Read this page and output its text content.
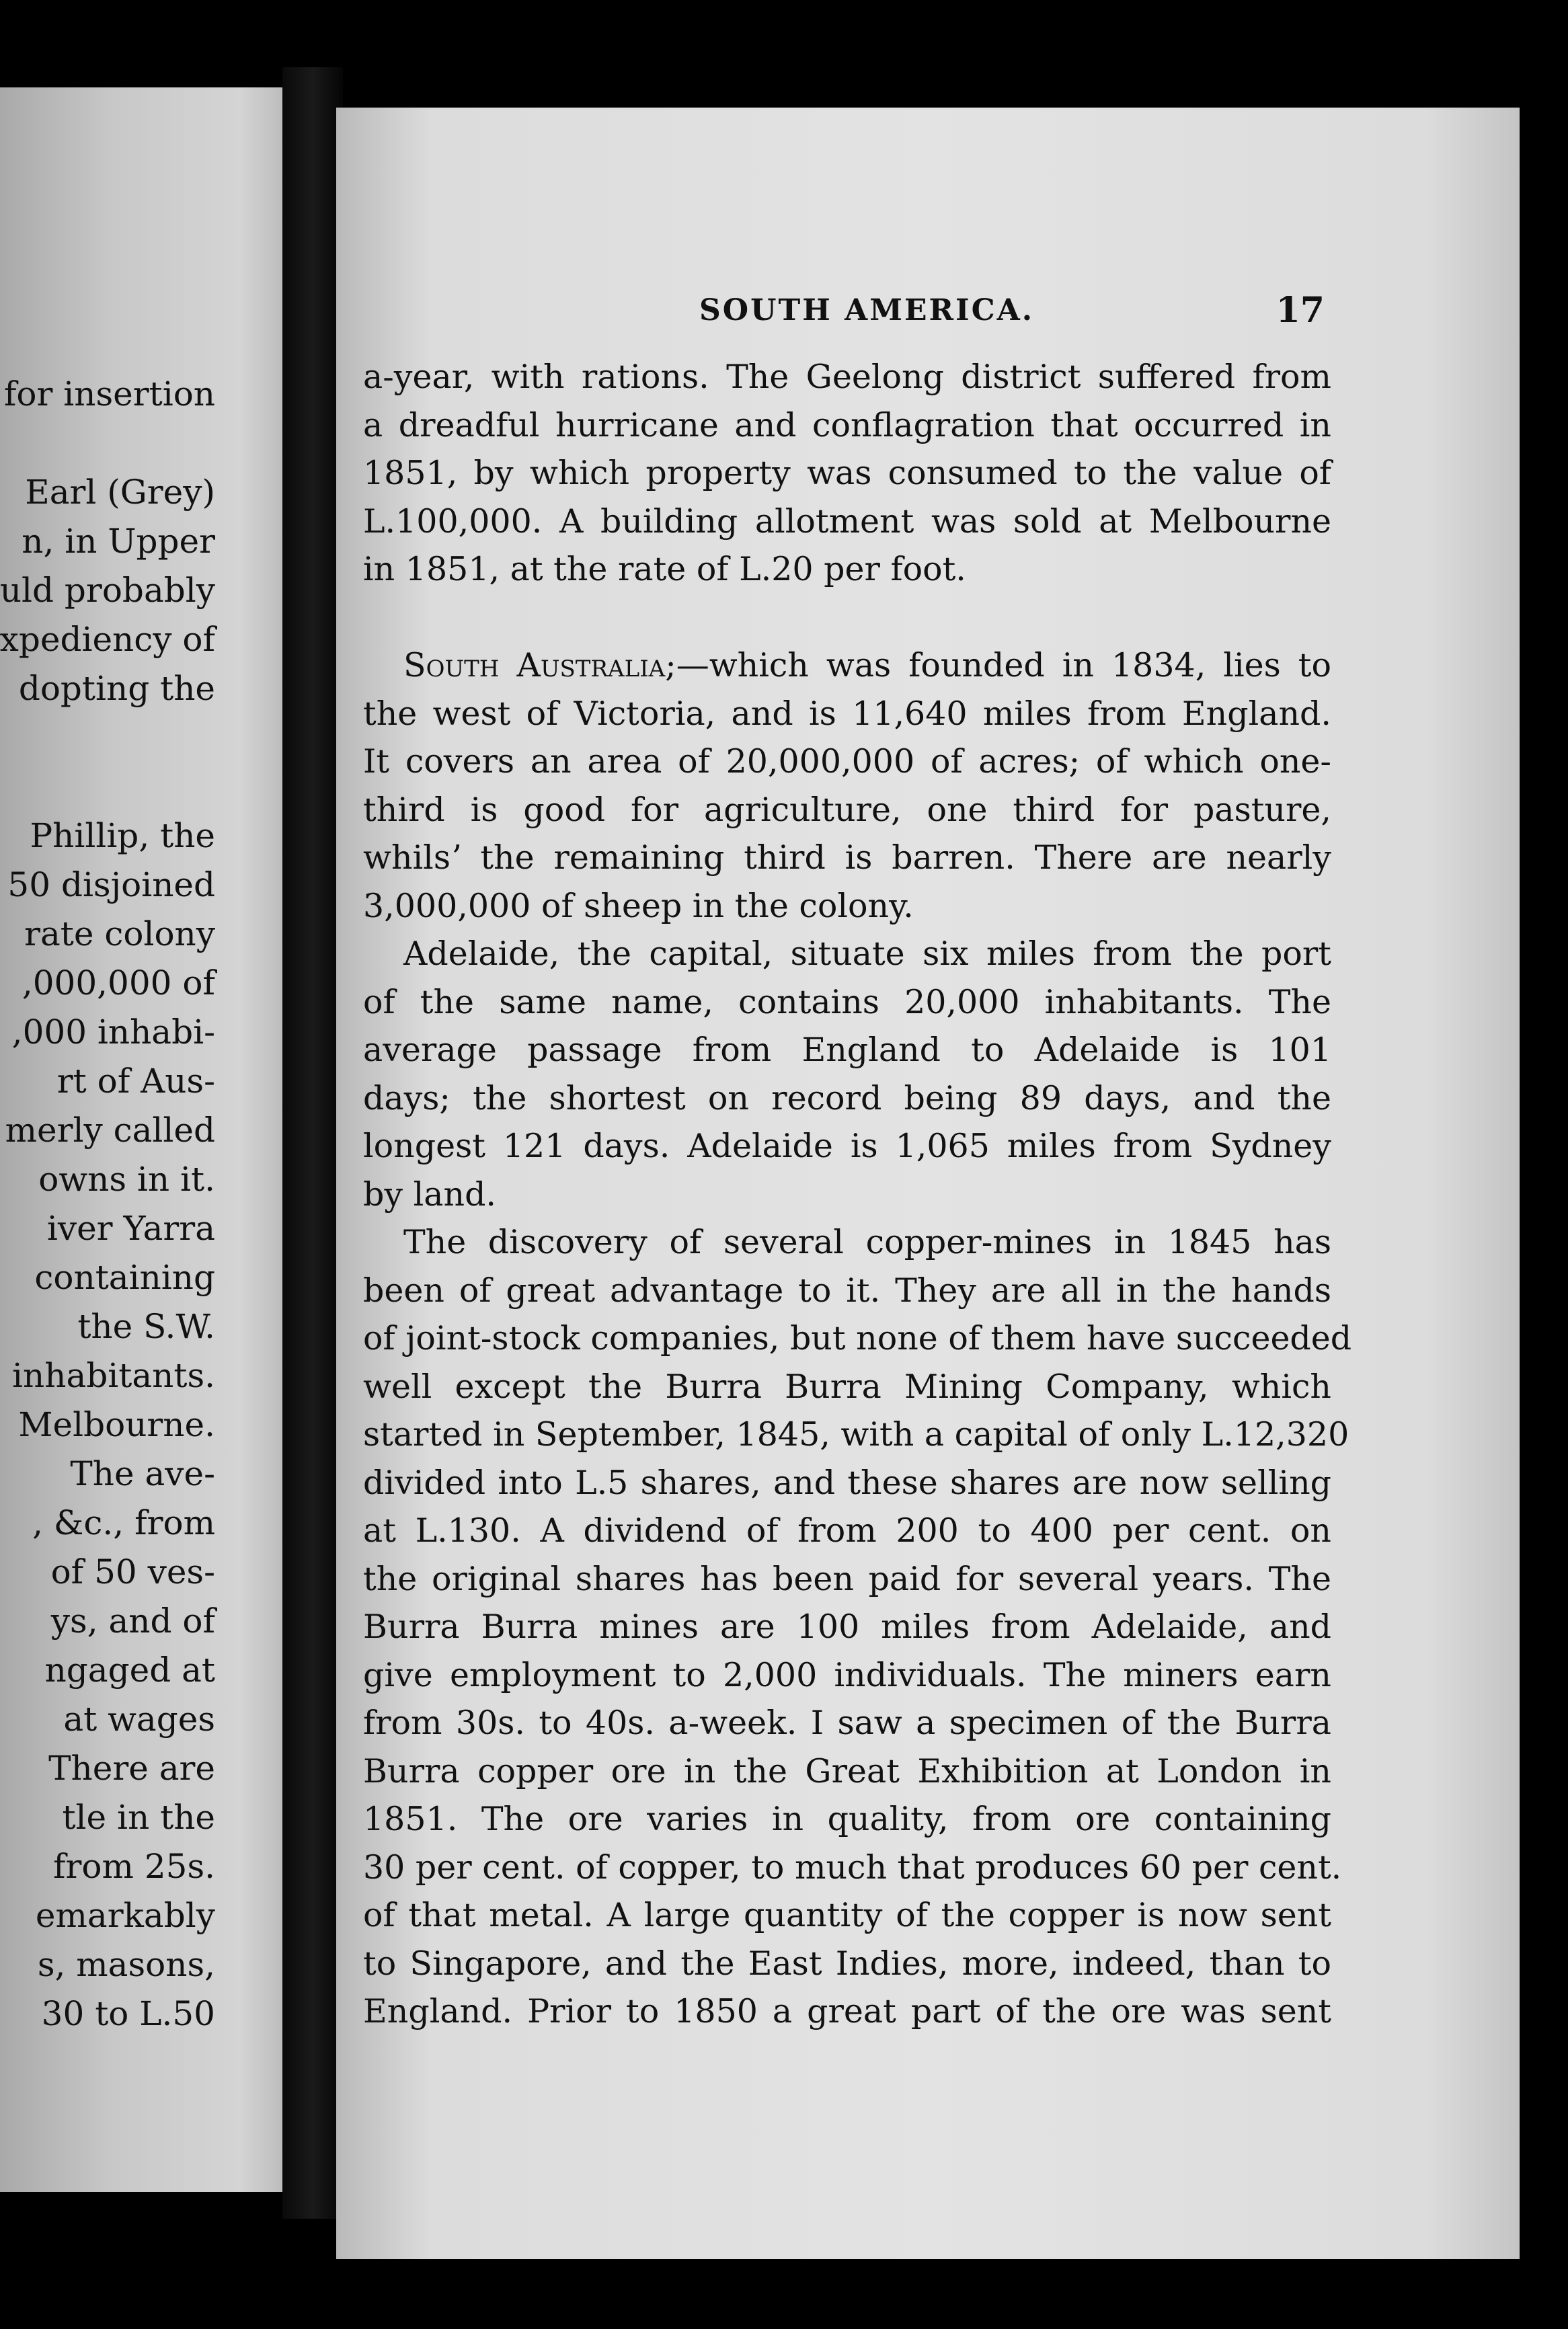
for insertion
Earl (Grey)
n, in Upper
uld probably
xpediency of
dopting the
Phillip, the
50 disjoined
rate colony
,000,000 of
,000 inhabi-
rt of Aus-
merly called
owns in it.
iver Yarra
containing
the S.W.
inhabitants.
Melbourne.
The ave-
, &c., from
of 50 ves-
ys, and of
ngaged at
at wages
There are
tle in the
from 25s.
emarkably
s, masons,
30 to L.50
SOUTH AMERICA.	17
a-year, with rations. The Geelong district suffered from
a dreadful hurricane and conflagration that occurred in
1851, by which property was consumed to the value of
L.100,000. A building allotment was sold at Melbourne
in 1851, at the rate of L.20 per foot.
South Australia;—which was founded in 1834, lies to
the west of Victoria, and is 11,640 miles from England.
It covers an area of 20,000,000 of acres; of which one-
third is good for agriculture, one third for pasture,
whilsʼ the remaining third is barren. There are nearly
3,000,000 of sheep in the colony.
Adelaide, the capital, situate six miles from the port
of the same name, contains 20,000 inhabitants. The
average passage from England to Adelaide is 101
days; the shortest on record being 89 days, and the
longest 121 days. Adelaide is 1,065 miles from Sydney
by land.
The discovery of several copper-mines in 1845 has
been of great advantage to it. They are all in the hands
of joint-stock companies, but none of them have succeeded
well except the Burra Burra Mining Company, which
started in September, 1845, with a capital of only L.12,320
divided into L.5 shares, and these shares are now selling
at L.130. A dividend of from 200 to 400 per cent. on
the original shares has been paid for several years. The
Burra Burra mines are 100 miles from Adelaide, and
give employment to 2,000 individuals. The miners earn
from 30s. to 40s. a-week. I saw a specimen of the Burra
Burra copper ore in the Great Exhibition at London in
1851. The ore varies in quality, from ore containing
30 per cent. of copper, to much that produces 60 per cent.
of that metal. A large quantity of the copper is now sent
to Singapore, and the East Indies, more, indeed, than to
England. Prior to 1850 a great part of the ore was sent
